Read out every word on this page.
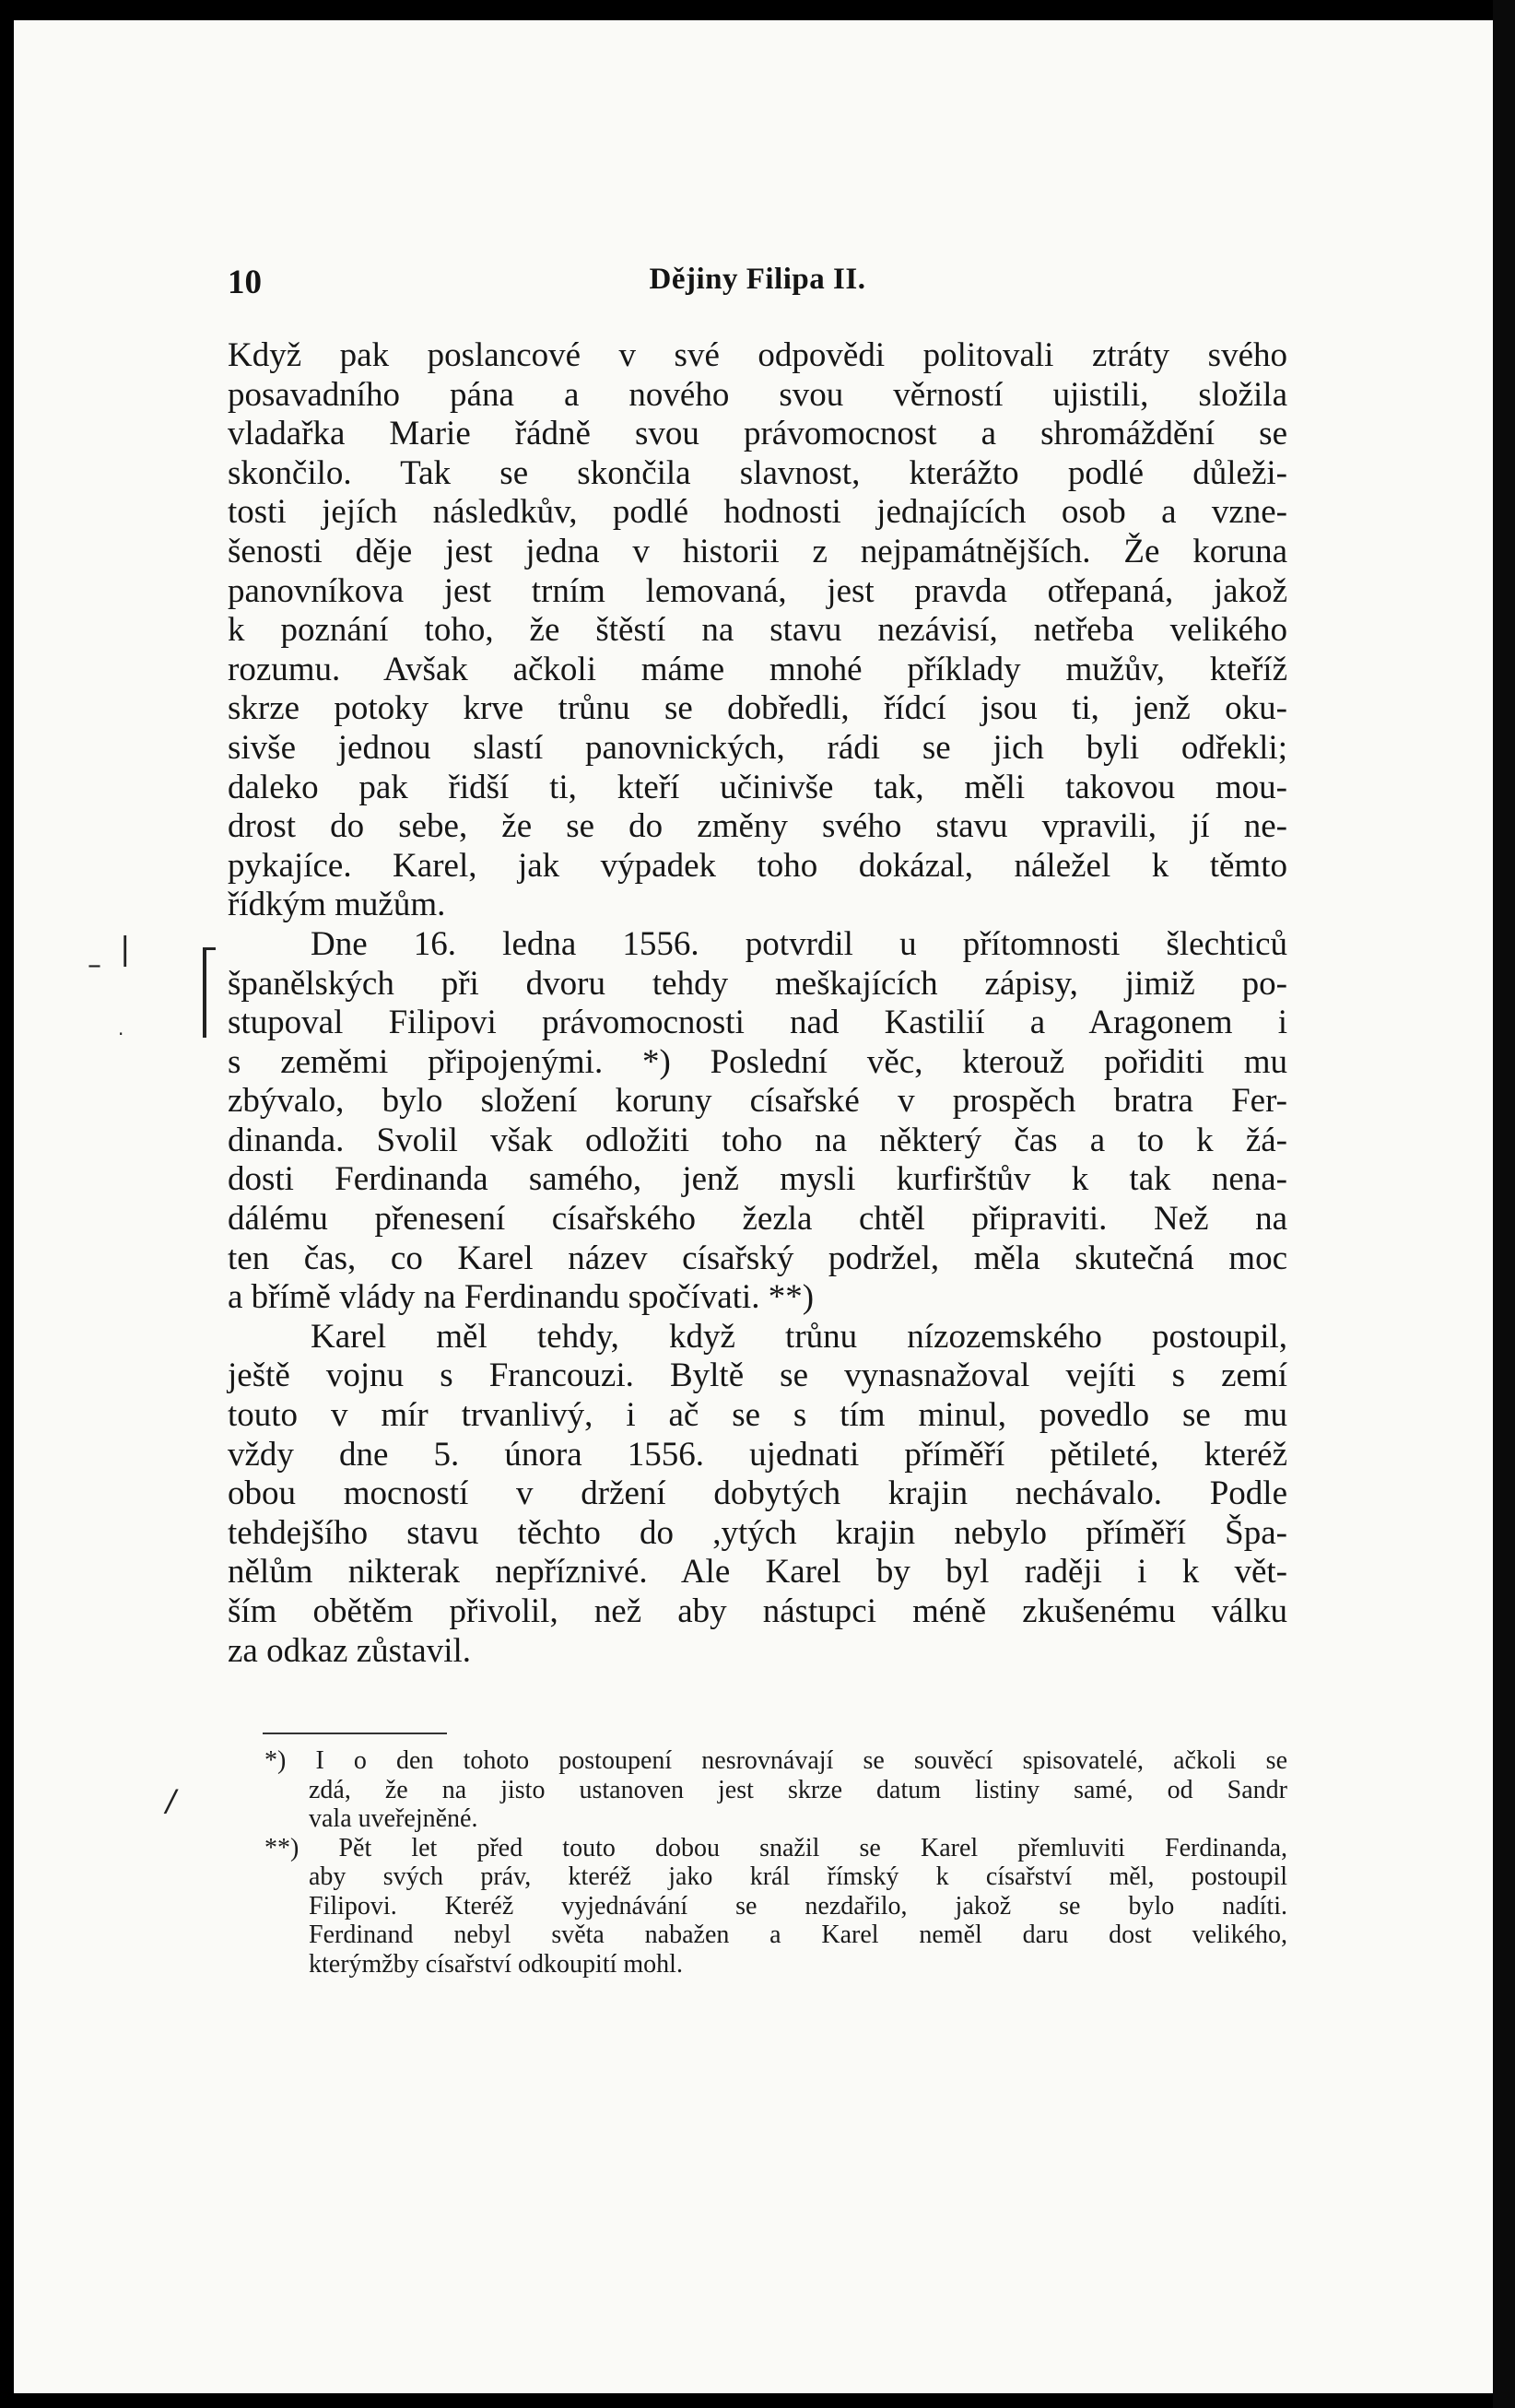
10	Dějiny Filipa II.
Když pak poslancové v své odpovědi politovali ztráty svého
posavadního pána a nového svou věrností ujistili, složila
vladařka Marie řádně svou právomocnost a shromáždění se
skončilo. Tak se skončila slavnost, kterážto podlé důleži-
tosti jejích následkův, podlé hodnosti jednajících osob a vzne-
šenosti děje jest jedna v historii z nejpamátnějších. Že koruna
panovníkova jest trním lemovaná, jest pravda otřepaná, jakož
k poznání toho, že štěstí na stavu nezávisí, netřeba velikého
rozumu. Avšak ačkoli máme mnohé příklady mužův, kteříž
skrze potoky krve trůnu se dobředli, řídcí jsou ti, jenž oku-
sivše jednou slastí panovnických, rádi se jich byli odřekli;
daleko pak řidší ti, kteří učinivše tak, měli takovou mou-
drost do sebe, že se do změny svého stavu vpravili, jí ne-
pykajíce. Karel, jak výpadek toho dokázal, náležel k těmto
řídkým mužům.
Dne 16. ledna 1556. potvrdil u přítomnosti šlechticů
španělských při dvoru tehdy meškajících zápisy, jimiž po-
stupoval Filipovi právomocnosti nad Kastilií a Aragonem i
s zeměmi připojenými. *) Poslední věc, kterouž pořiditi mu
zbývalo, bylo složení koruny císařské v prospěch bratra Fer-
dinanda. Svolil však odložiti toho na některý čas a to k žá-
dosti Ferdinanda samého, jenž mysli kurfirštův k tak nena-
dálému přenesení císařského žezla chtěl připraviti. Než na
ten čas, co Karel název císařský podržel, měla skutečná moc
a břímě vlády na Ferdinandu spočívati. **)
Karel měl tehdy, když trůnu nízozemského postoupil,
ještě vojnu s Francouzi. Byltě se vynasnažoval vejíti s zemí
touto v mír trvanlivý, i ač se s tím minul, povedlo se mu
vždy dne 5. února 1556. ujednati příměří pětileté, kteréž
obou mocností v držení dobytých krajin nechávalo. Podle
tehdejšího stavu těchto do ,ytých krajin nebylo příměří Špa-
nělům nikterak nepříznivé. Ale Karel by byl raději i k vět-
ším obětěm přivolil, než aby nástupci méně zkušenému válku
za odkaz zůstavil.
|
–
·
/
*) I o den tohoto postoupení nesrovnávají se souvěcí spisovatelé, ačkoli se
zdá, že na jisto ustanoven jest skrze datum listiny samé, od Sandr
vala uveřejněné.
**) Pět let před touto dobou snažil se Karel přemluviti Ferdinanda,
aby svých práv, kteréž jako král římský k císařství měl, postoupil
Filipovi. Kteréž vyjednávání se nezdařilo, jakož se bylo nadíti.
Ferdinand nebyl světa nabažen a Karel neměl daru dost velikého,
kterýmžby císařství odkoupití mohl.
